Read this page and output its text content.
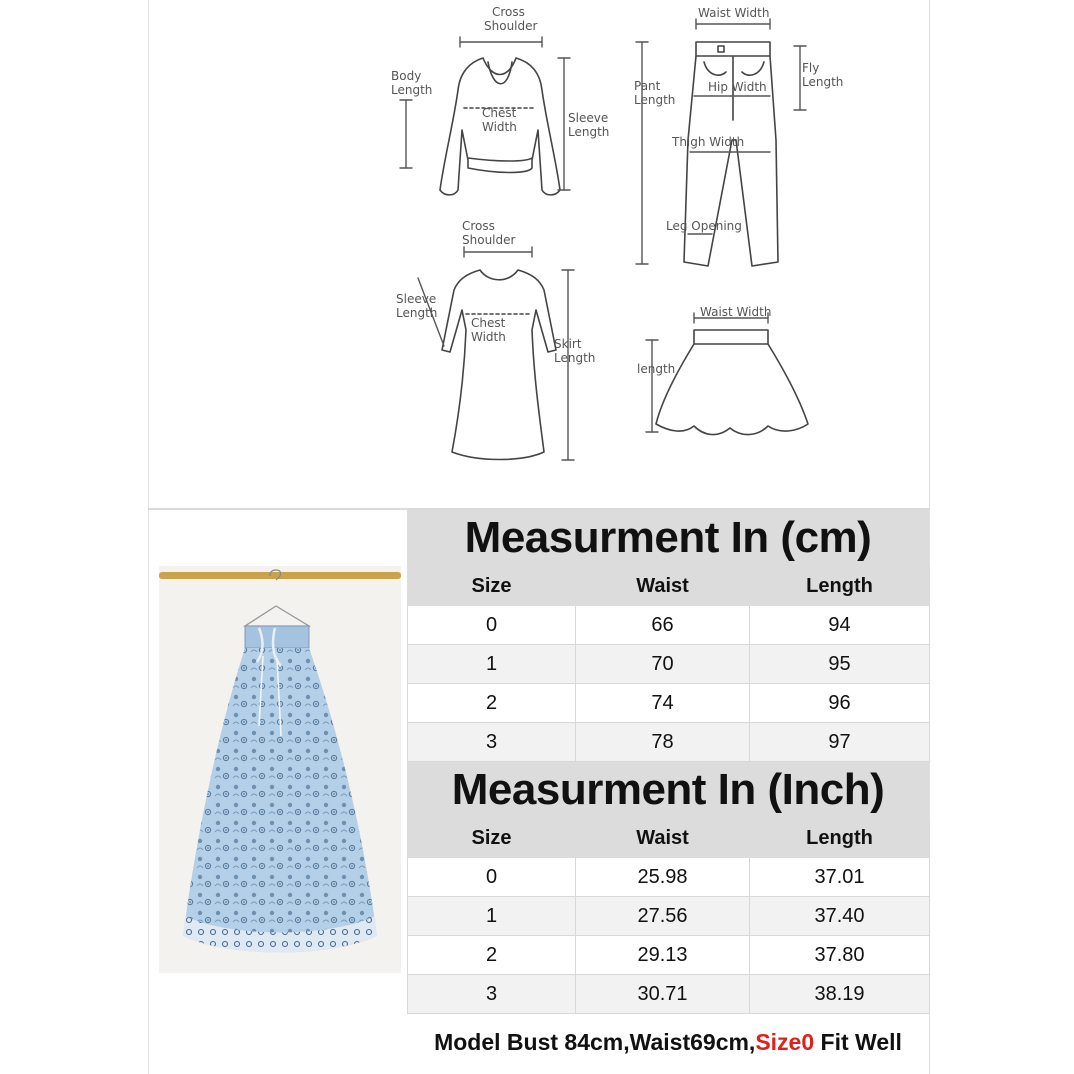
Cross
Shoulder
Body
Length
Chest
Width
Sleeve
Length
Waist Width
Pant
Length
Fly
Length
Hip Width
Thigh Width
Leg Opening
Cross
Shoulder
Sleeve
Length
Chest
Width	Skirt
Length
Waist Width
length
Measurment In (cm)
Size	Waist	Length
0	66	94
1	70	95
2	74	96
3	78	97
Measurment In (Inch)
Size	Waist	Length
0	25.98	37.01
1	27.56	37.40
2	29.13	37.80
3	30.71	38.19
Model Bust 84cm,Waist69cm,Size0 Fit Well
